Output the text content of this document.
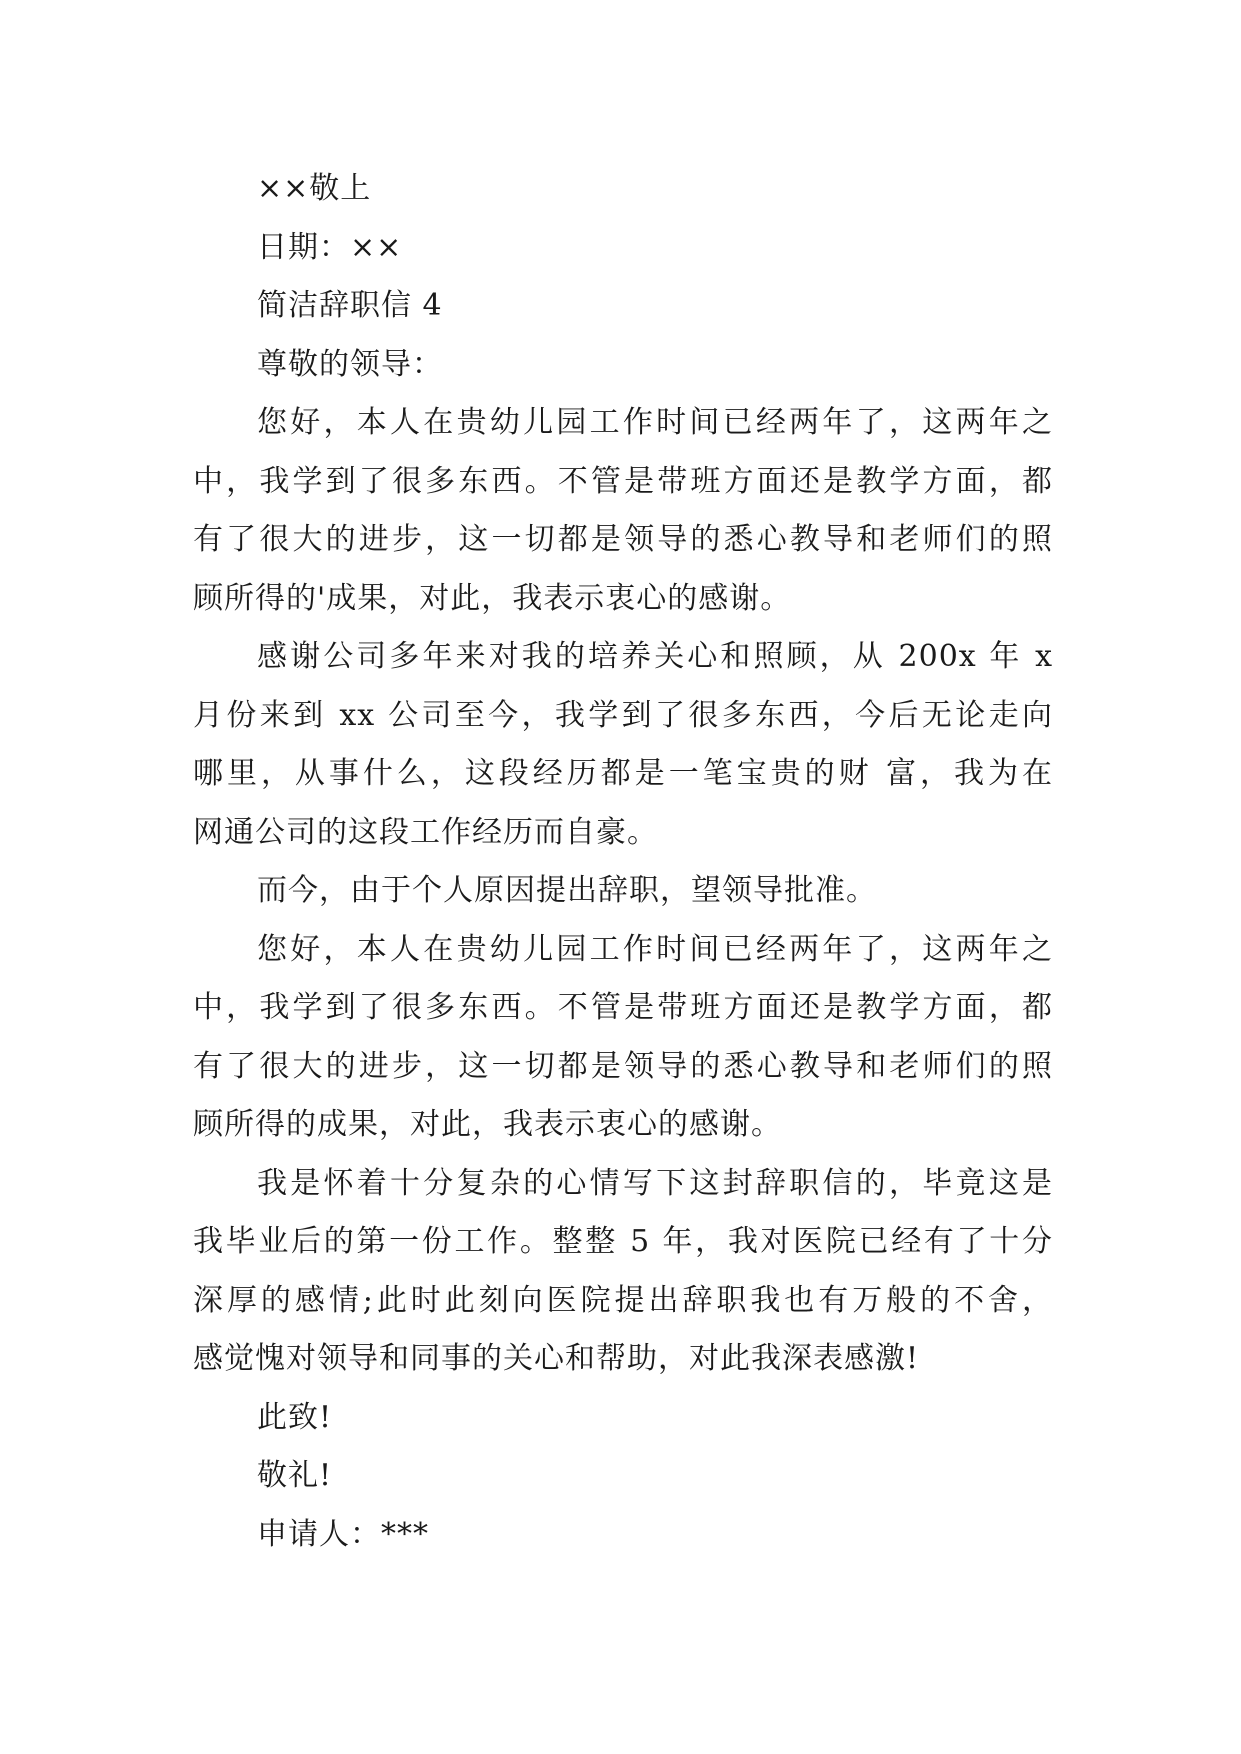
××敬上
日期：××
简洁辞职信 4
尊敬的领导：
您好，本人在贵幼儿园工作时间已经两年了，这两年之
中，我学到了很多东西。不管是带班方面还是教学方面，都
有了很大的进步，这一切都是领导的悉心教导和老师们的照
顾所得的'成果，对此，我表示衷心的感谢。
感谢公司多年来对我的培养关心和照顾，从 200x 年 x
月份来到 xx 公司至今，我学到了很多东西，今后无论走向
哪里，从事什么，这段经历都是一笔宝贵的财 富，我为在
网通公司的这段工作经历而自豪。
而今，由于个人原因提出辞职，望领导批准。
您好，本人在贵幼儿园工作时间已经两年了，这两年之
中，我学到了很多东西。不管是带班方面还是教学方面，都
有了很大的进步，这一切都是领导的悉心教导和老师们的照
顾所得的成果，对此，我表示衷心的感谢。
我是怀着十分复杂的心情写下这封辞职信的，毕竟这是
我毕业后的第一份工作。整整 5 年，我对医院已经有了十分
深厚的感情;此时此刻向医院提出辞职我也有万般的不舍，
感觉愧对领导和同事的关心和帮助，对此我深表感激!
此致!
敬礼!
申请人：***
